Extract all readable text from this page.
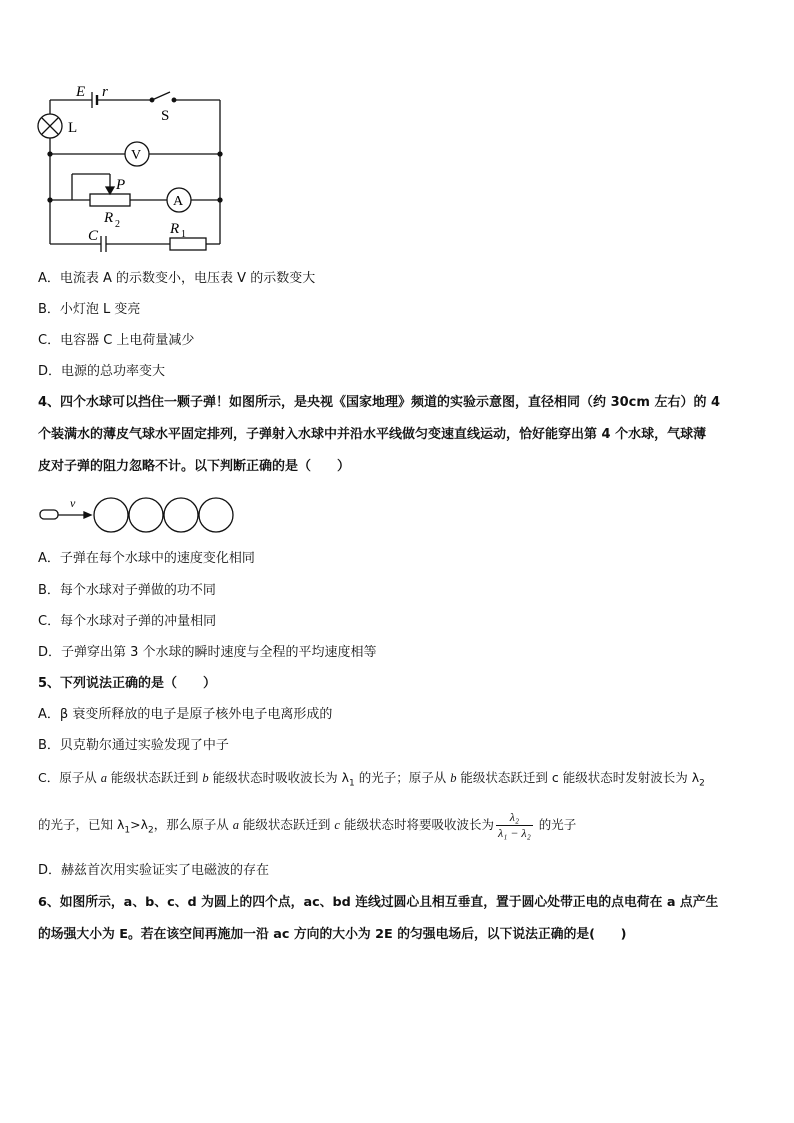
E r
S
L
V
P
A
R 2
C	R 1
A．电流表 A 的示数变小，电压表 V 的示数变大
B．小灯泡 L 变亮
C．电容器 C 上电荷量减少
D．电源的总功率变大
4、四个水球可以挡住一颗子弹！如图所示，是央视《国家地理》频道的实验示意图，直径相同（约 30cm 左右）的 4
个装满水的薄皮气球水平固定排列，子弹射入水球中并沿水平线做匀变速直线运动，恰好能穿出第 4 个水球，气球薄
皮对子弹的阻力忽略不计。以下判断正确的是（　　）
v
A．子弹在每个水球中的速度变化相同
B．每个水球对子弹做的功不同
C．每个水球对子弹的冲量相同
D．子弹穿出第 3 个水球的瞬时速度与全程的平均速度相等
5、下列说法正确的是（　　）
A．β 衰变所释放的电子是原子核外电子电离形成的
B．贝克勒尔通过实验发现了中子
C．原子从 a 能级状态跃迁到 b 能级状态时吸收波长为 $\lambda_1$ 的光子；原子从 b 能级状态跃迁到 c 能级状态时发射波长为 $\lambda_2$
的光子，已知 $\lambda_1>\lambda_2$，那么原子从 a 能级状态跃迁到 c 能级状态时将要吸收波长为 $\frac{\text{λ₂}}{\text{λ₁ − λ₂}}$ 的光子
D．赫兹首次用实验证实了电磁波的存在
6、如图所示，a、b、c、d 为圆上的四个点，ac、bd 连线过圆心且相互垂直，置于圆心处带正电的点电荷在 a 点产生
的场强大小为 E。若在该空间再施加一沿 ac 方向的大小为 2E 的匀强电场后，以下说法正确的是(　　)
